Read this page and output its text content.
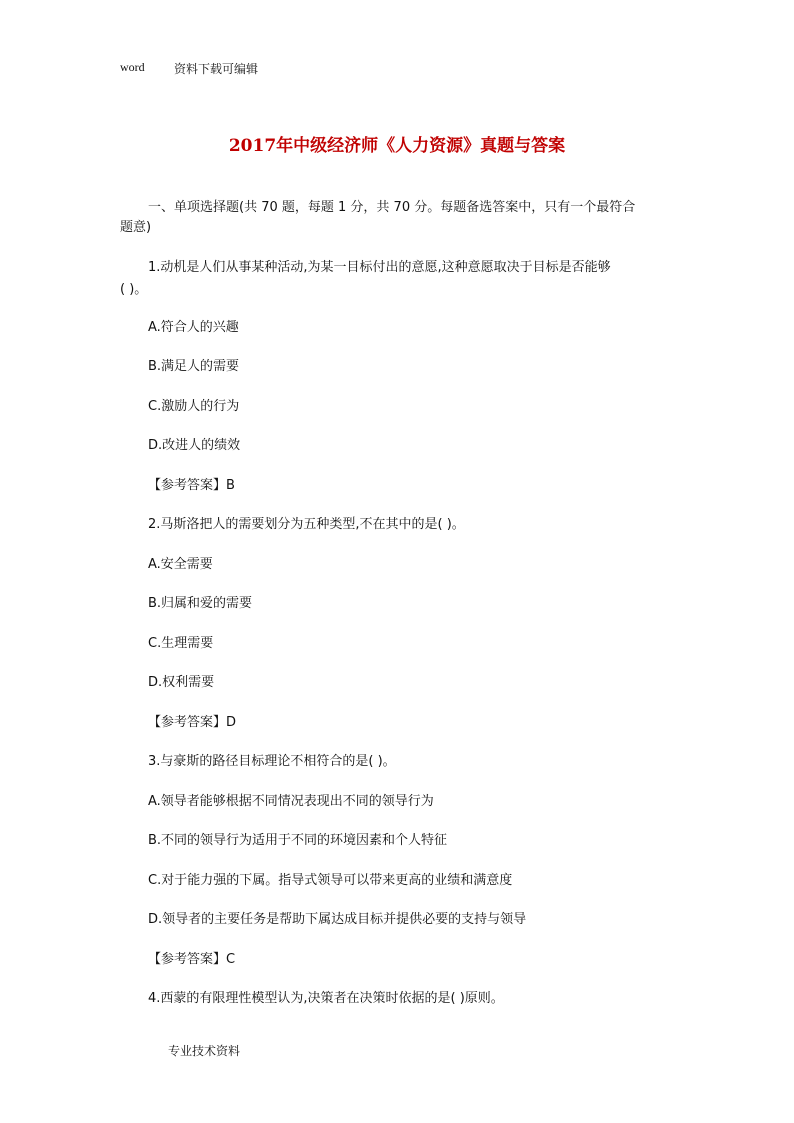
word 资料下载可编辑
2017年中级经济师《人力资源》真题与答案
一、单项选择题(共 70 题，每题 1 分，共 70 分。每题备选答案中，只有一个最符合
题意)
1.动机是人们从事某种活动,为某一目标付出的意愿,这种意愿取决于目标是否能够
( )。
A.符合人的兴趣
B.满足人的需要
C.激励人的行为
D.改进人的绩效
【参考答案】B
2.马斯洛把人的需要划分为五种类型,不在其中的是( )。
A.安全需要
B.归属和爱的需要
C.生理需要
D.权利需要
【参考答案】D
3.与豪斯的路径目标理论不相符合的是( )。
A.领导者能够根据不同情况表现出不同的领导行为
B.不同的领导行为适用于不同的环境因素和个人特征
C.对于能力强的下属。指导式领导可以带来更高的业绩和满意度
D.领导者的主要任务是帮助下属达成目标并提供必要的支持与领导
【参考答案】C
4.西蒙的有限理性模型认为,决策者在决策时依据的是( )原则。
专业技术资料
